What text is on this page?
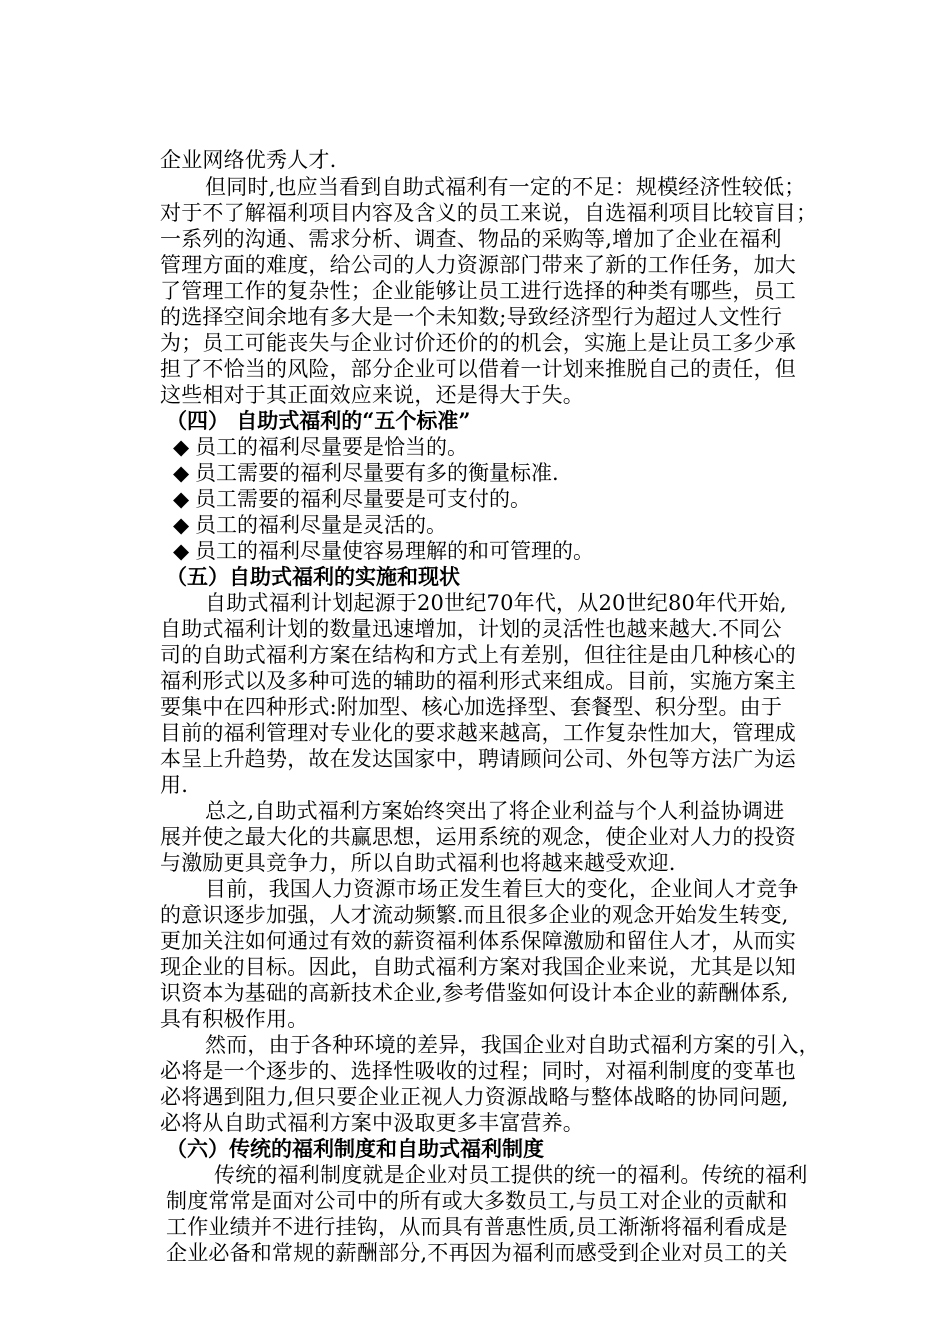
企业网络优秀人才.
但同时,也应当看到自助式福利有一定的不足：规模经济性较低；
对于不了解福利项目内容及含义的员工来说，自选福利项目比较盲目；
一系列的沟通、需求分析、调查、物品的采购等,增加了企业在福利
管理方面的难度，给公司的人力资源部门带来了新的工作任务，加大
了管理工作的复杂性；企业能够让员工进行选择的种类有哪些，员工
的选择空间余地有多大是一个未知数;导致经济型行为超过人文性行
为；员工可能丧失与企业讨价还价的的机会，实施上是让员工多少承
担了不恰当的风险，部分企业可以借着一计划来推脱自己的责任，但
这些相对于其正面效应来说，还是得大于失。
（四） 自助式福利的“五个标准”
◆ 员工的福利尽量要是恰当的。
◆ 员工需要的福利尽量要有多的衡量标准.
◆ 员工需要的福利尽量要是可支付的。
◆ 员工的福利尽量是灵活的。
◆ 员工的福利尽量使容易理解的和可管理的。
（五）自助式福利的实施和现状
自助式福利计划起源于20世纪70年代，从20世纪80年代开始,
自助式福利计划的数量迅速增加，计划的灵活性也越来越大.不同公
司的自助式福利方案在结构和方式上有差别，但往往是由几种核心的
福利形式以及多种可选的辅助的福利形式来组成。目前，实施方案主
要集中在四种形式:附加型、核心加选择型、套餐型、积分型。由于
目前的福利管理对专业化的要求越来越高，工作复杂性加大，管理成
本呈上升趋势，故在发达国家中，聘请顾问公司、外包等方法广为运
用.
总之,自助式福利方案始终突出了将企业利益与个人利益协调进
展并使之最大化的共赢思想，运用系统的观念，使企业对人力的投资
与激励更具竞争力，所以自助式福利也将越来越受欢迎.
目前，我国人力资源市场正发生着巨大的变化，企业间人才竞争
的意识逐步加强，人才流动频繁.而且很多企业的观念开始发生转变,
更加关注如何通过有效的薪资福利体系保障激励和留住人才，从而实
现企业的目标。因此，自助式福利方案对我国企业来说，尤其是以知
识资本为基础的高新技术企业,参考借鉴如何设计本企业的薪酬体系,
具有积极作用。
然而，由于各种环境的差异，我国企业对自助式福利方案的引入，
必将是一个逐步的、选择性吸收的过程；同时，对福利制度的变革也
必将遇到阻力,但只要企业正视人力资源战略与整体战略的协同问题,
必将从自助式福利方案中汲取更多丰富营养。
（六）传统的福利制度和自助式福利制度
传统的福利制度就是企业对员工提供的统一的福利。传统的福利
制度常常是面对公司中的所有或大多数员工,与员工对企业的贡献和
工作业绩并不进行挂钩，从而具有普惠性质,员工渐渐将福利看成是
企业必备和常规的薪酬部分,不再因为福利而感受到企业对员工的关
